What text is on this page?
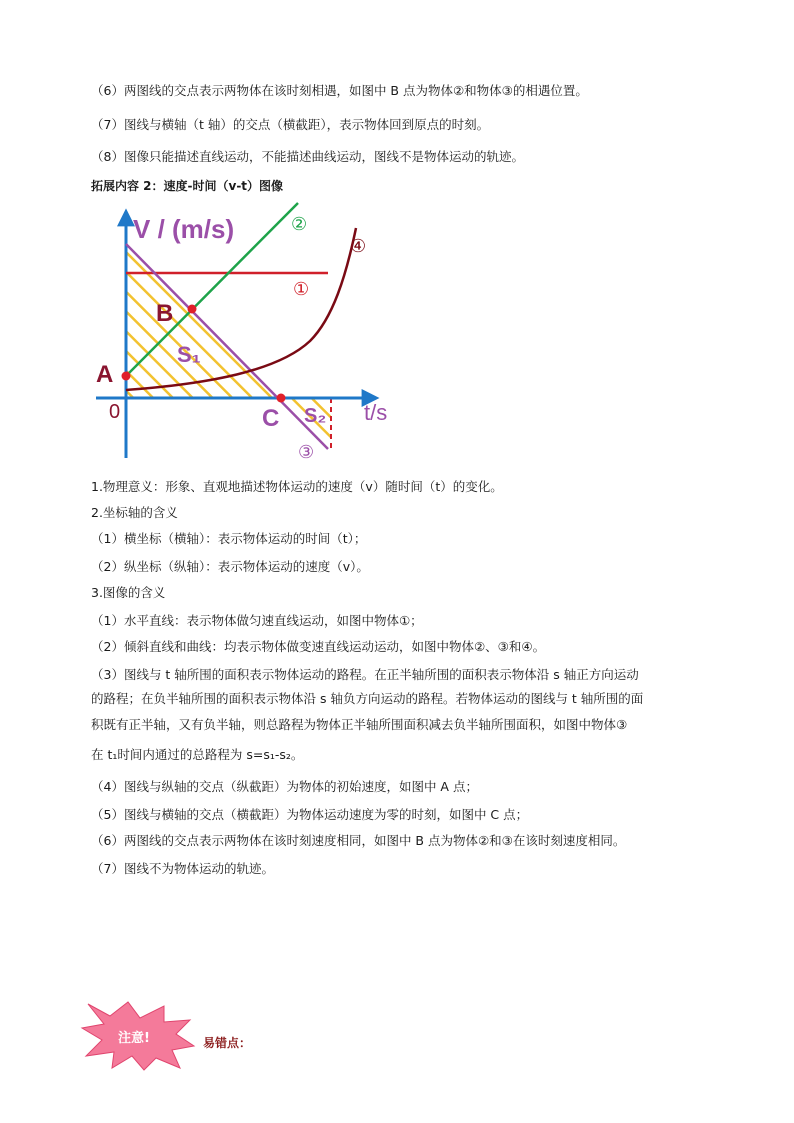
（6）两图线的交点表示两物体在该时刻相遇，如图中 B 点为物体②和物体③的相遇位置。
（7）图线与横轴（t 轴）的交点（横截距），表示物体回到原点的时刻。
（8）图像只能描述直线运动，不能描述曲线运动，图线不是物体运动的轨迹。
拓展内容 2：速度-时间（v-t）图像
V / (m/s)
t/s
0
A
B
C
S₁
S₂
①
②
③
④
1.物理意义：形象、直观地描述物体运动的速度（v）随时间（t）的变化。
2.坐标轴的含义
（1）横坐标（横轴）：表示物体运动的时间（t）；
（2）纵坐标（纵轴）：表示物体运动的速度（v）。
3.图像的含义
（1）水平直线：表示物体做匀速直线运动，如图中物体①；
（2）倾斜直线和曲线：均表示物体做变速直线运动运动，如图中物体②、③和④。
（3）图线与 t 轴所围的面积表示物体运动的路程。在正半轴所围的面积表示物体沿 s 轴正方向运动
的路程；在负半轴所围的面积表示物体沿 s 轴负方向运动的路程。若物体运动的图线与 t 轴所围的面
积既有正半轴，又有负半轴，则总路程为物体正半轴所围面积减去负半轴所围面积，如图中物体③
在 t₁时间内通过的总路程为 s=s₁-s₂。
（4）图线与纵轴的交点（纵截距）为物体的初始速度，如图中 A 点；
（5）图线与横轴的交点（横截距）为物体运动速度为零的时刻，如图中 C 点；
（6）两图线的交点表示两物体在该时刻速度相同，如图中 B 点为物体②和③在该时刻速度相同。
（7）图线不为物体运动的轨迹。
注意!	易错点：
